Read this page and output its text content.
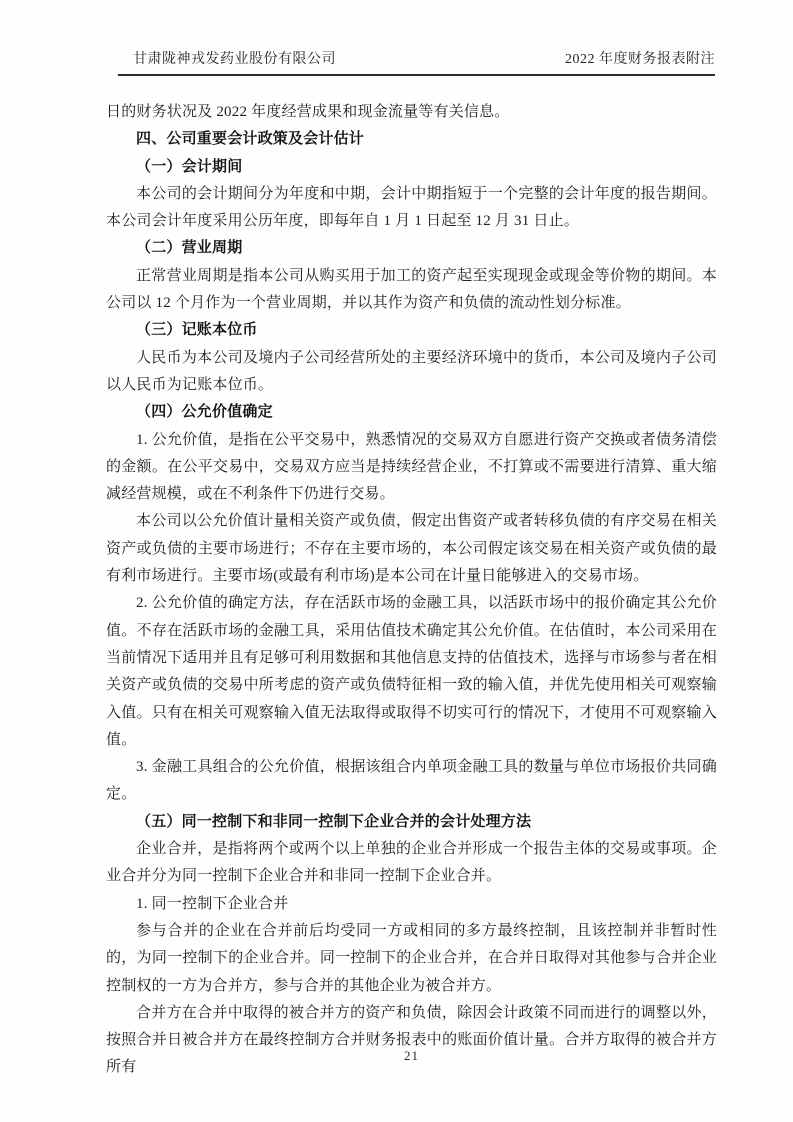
甘肃陇神戎发药业股份有限公司	2022 年度财务报表附注

日的财务状况及 2022 年度经营成果和现金流量等有关信息。

四、公司重要会计政策及会计估计

（一）会计期间

本公司的会计期间分为年度和中期，会计中期指短于一个完整的会计年度的报告期间。本公司会计年度采用公历年度，即每年自 1 月 1 日起至 12 月 31 日止。

（二）营业周期

正常营业周期是指本公司从购买用于加工的资产起至实现现金或现金等价物的期间。本公司以 12 个月作为一个营业周期，并以其作为资产和负债的流动性划分标准。

（三）记账本位币

人民币为本公司及境内子公司经营所处的主要经济环境中的货币，本公司及境内子公司以人民币为记账本位币。

（四）公允价值确定

1. 公允价值，是指在公平交易中，熟悉情况的交易双方自愿进行资产交换或者债务清偿的金额。在公平交易中，交易双方应当是持续经营企业，不打算或不需要进行清算、重大缩减经营规模，或在不利条件下仍进行交易。

本公司以公允价值计量相关资产或负债，假定出售资产或者转移负债的有序交易在相关资产或负债的主要市场进行；不存在主要市场的，本公司假定该交易在相关资产或负债的最有利市场进行。主要市场(或最有利市场)是本公司在计量日能够进入的交易市场。

2. 公允价值的确定方法，存在活跃市场的金融工具，以活跃市场中的报价确定其公允价值。不存在活跃市场的金融工具，采用估值技术确定其公允价值。在估值时，本公司采用在当前情况下适用并且有足够可利用数据和其他信息支持的估值技术，选择与市场参与者在相关资产或负债的交易中所考虑的资产或负债特征相一致的输入值，并优先使用相关可观察输入值。只有在相关可观察输入值无法取得或取得不切实可行的情况下，才使用不可观察输入值。

3. 金融工具组合的公允价值，根据该组合内单项金融工具的数量与单位市场报价共同确定。

（五）同一控制下和非同一控制下企业合并的会计处理方法

企业合并，是指将两个或两个以上单独的企业合并形成一个报告主体的交易或事项。企业合并分为同一控制下企业合并和非同一控制下企业合并。

1. 同一控制下企业合并

参与合并的企业在合并前后均受同一方或相同的多方最终控制，且该控制并非暂时性的，为同一控制下的企业合并。同一控制下的企业合并，在合并日取得对其他参与合并企业控制权的一方为合并方，参与合并的其他企业为被合并方。

合并方在合并中取得的被合并方的资产和负债，除因会计政策不同而进行的调整以外，按照合并日被合并方在最终控制方合并财务报表中的账面价值计量。合并方取得的被合并方所有

21
